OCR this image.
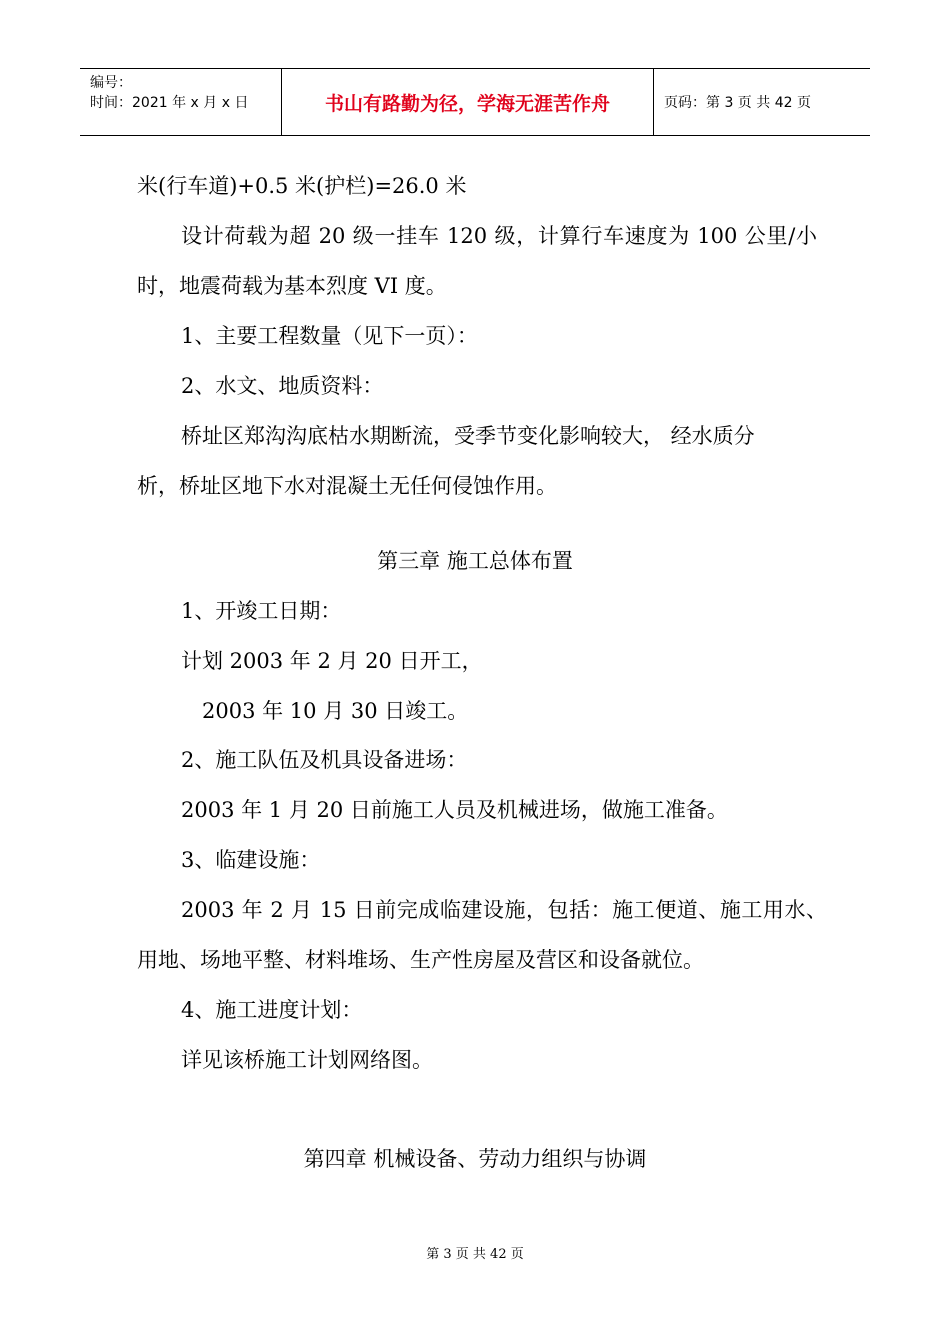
编号：
时间：2021 年 x 月 x 日	书山有路勤为径，学海无涯苦作舟	页码：第 3 页 共 42 页
米(行车道)+0.5 米(护栏)=26.0 米
设计荷载为超 20 级一挂车 120 级，计算行车速度为 100 公里/小
时，地震荷载为基本烈度 VI 度。
1、主要工程数量（见下一页）：
2、水文、地质资料：
桥址区郑沟沟底枯水期断流，受季节变化影响较大， 经水质分
析，桥址区地下水对混凝土无任何侵蚀作用。
第三章 施工总体布置
1、开竣工日期：
计划 2003 年 2 月 20 日开工，
2003 年 10 月 30 日竣工。
2、施工队伍及机具设备进场：
2003 年 1 月 20 日前施工人员及机械进场，做施工准备。
3、临建设施：
2003 年 2 月 15 日前完成临建设施，包括：施工便道、施工用水、
用地、场地平整、材料堆场、生产性房屋及营区和设备就位。
4、施工进度计划：
详见该桥施工计划网络图。
第四章 机械设备、劳动力组织与协调
第 3 页 共 42 页
